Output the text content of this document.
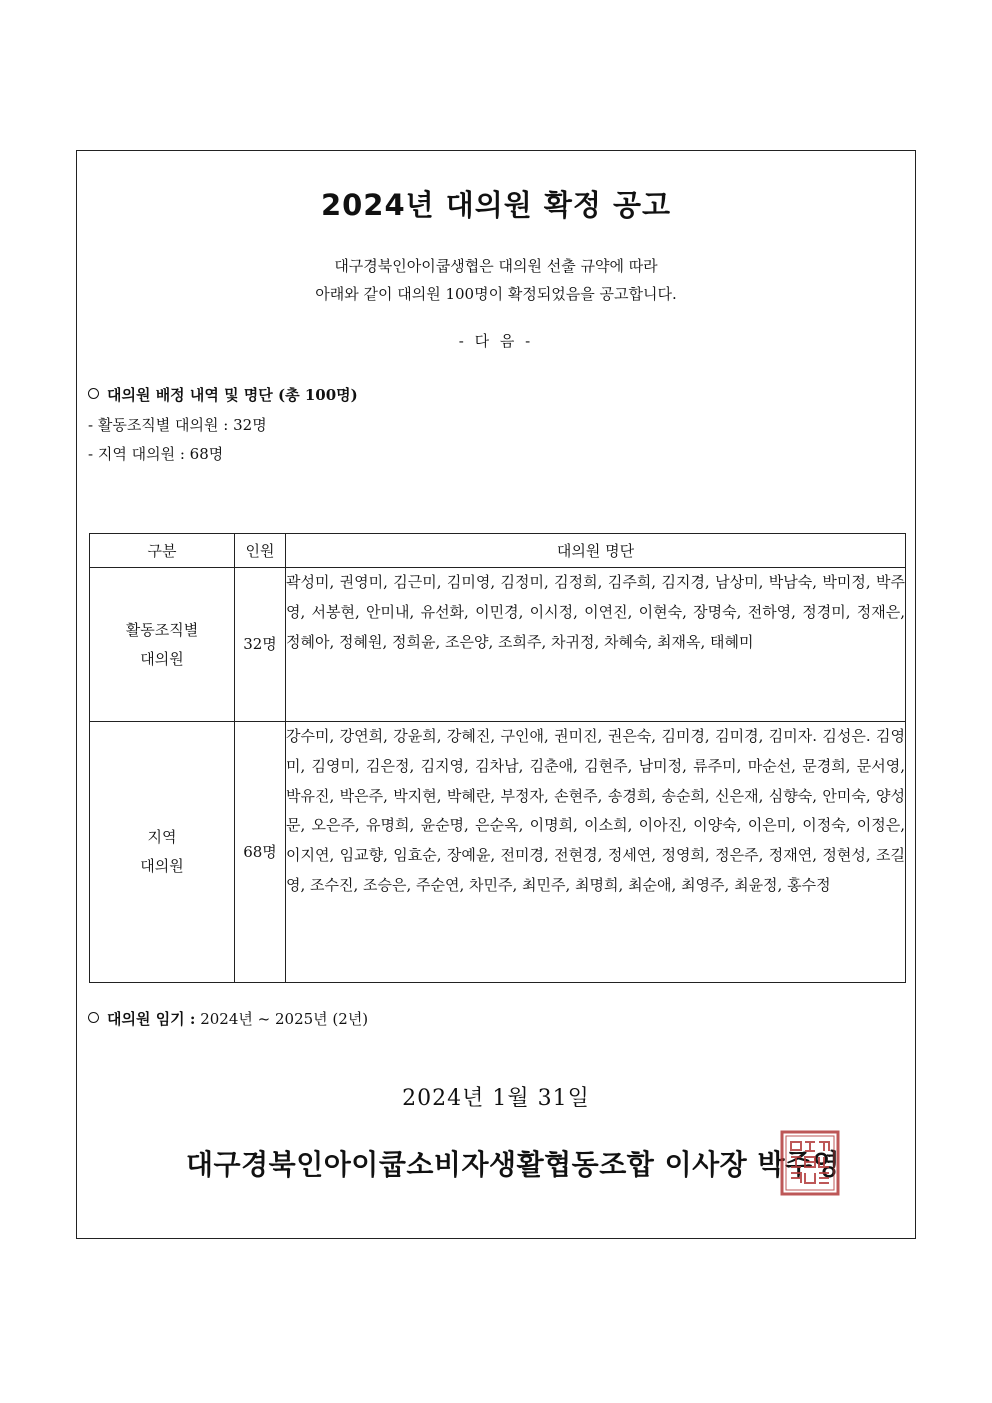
2024년 대의원 확정 공고
대구경북인아이쿱생협은 대의원 선출 규약에 따라
아래와 같이 대의원 100명이 확정되었음을 공고합니다.
- 다 음 -
대의원 배정 내역 및 명단 (총 100명)
- 활동조직별 대의원 : 32명
- 지역 대의원 : 68명
구분	인원	대의원 명단

활동조직별
대의원	32명	곽성미, 권영미, 김근미, 김미영, 김정미, 김정희, 김주희, 김지경, 남상미, 박남숙, 박미정, 박주영, 서봉현, 안미내, 유선화, 이민경, 이시정, 이연진, 이현숙, 장명숙, 전하영, 정경미, 정재은, 정혜아, 정혜원, 정희윤, 조은양, 조희주, 차귀정, 차혜숙, 최재옥, 태혜미

지역
대의원	68명	강수미, 강연희, 강윤희, 강혜진, 구인애, 권미진, 권은숙, 김미경, 김미경, 김미자. 김성은. 김영미, 김영미, 김은정, 김지영, 김차남, 김춘애, 김현주, 남미정, 류주미, 마순선, 문경희, 문서영, 박유진, 박은주, 박지현, 박혜란, 부정자, 손현주, 송경희, 송순희, 신은재, 심향숙, 안미숙, 양성문, 오은주, 유명희, 윤순명, 은순옥, 이명희, 이소희, 이아진, 이양숙, 이은미, 이정숙, 이정은, 이지연, 임교향, 임효순, 장예윤, 전미경, 전현경, 정세연, 정영희, 정은주, 정재연, 정현성, 조길영, 조수진, 조승은, 주순연, 차민주, 최민주, 최명희, 최순애, 최영주, 최윤정, 홍수정
대의원 임기 : 2024년 ~ 2025년 (2년)
2024년 1월 31일
대구경북인아이쿱소비자생활협동조합 이사장 박주영
